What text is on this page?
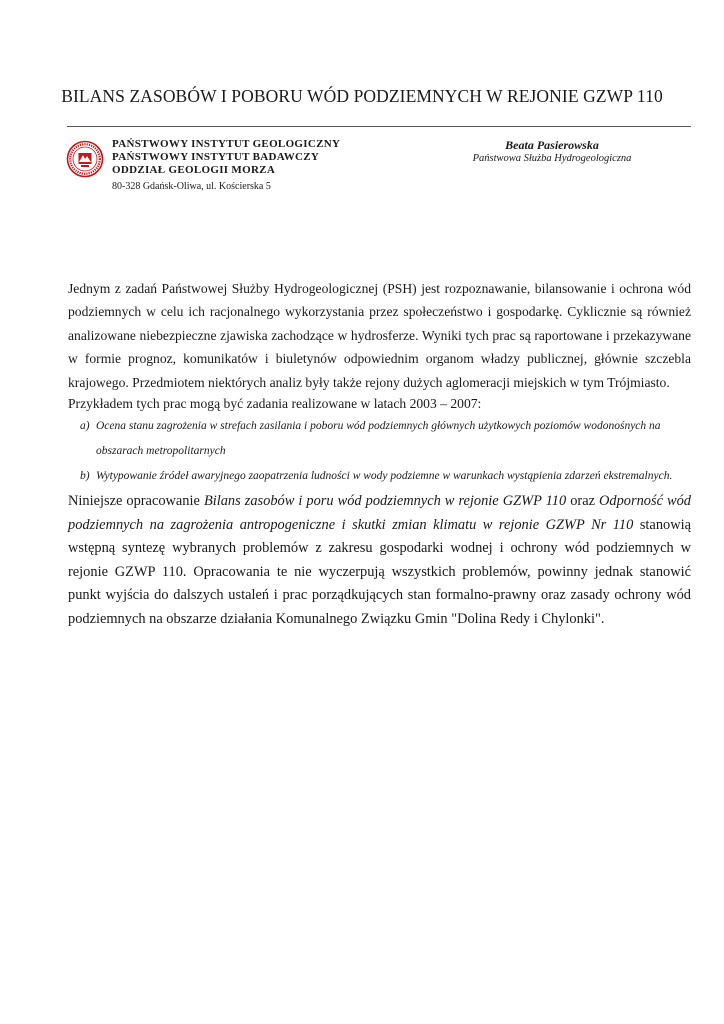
BILANS ZASOBÓW I POBORU WÓD PODZIEMNYCH W REJONIE GZWP 110
PAŃSTWOWY INSTYTUT GEOLOGICZNY
PAŃSTWOWY INSTYTUT BADAWCZY
ODDZIAŁ GEOLOGII MORZA
80-328 Gdańsk-Oliwa, ul. Kościerska 5
Beata Pasierowska
Państwowa Służba Hydrogeologiczna

Jednym z zadań Państwowej Służby Hydrogeologicznej (PSH) jest rozpoznawanie, bilansowanie i ochrona wód podziemnych w celu ich racjonalnego wykorzystania przez społeczeństwo i gospodarkę. Cyklicznie są również analizowane niebezpieczne zjawiska zachodzące w hydrosferze. Wyniki tych prac są raportowane i przekazywane w formie prognoz, komunikatów i biuletynów odpowiednim organom władzy publicznej, głównie szczebla krajowego. Przedmiotem niektórych analiz były także rejony dużych aglomeracji miejskich w tym Trójmiasto.

Przykładem tych prac mogą być zadania realizowane w latach 2003 – 2007:

a) Ocena stanu zagrożenia w strefach zasilania i poboru wód podziemnych głównych użytkowych poziomów wodonośnych na obszarach metropolitarnych
b) Wytypowanie źródeł awaryjnego zaopatrzenia ludności w wody podziemne w warunkach wystąpienia zdarzeń ekstremalnych.

Niniejsze opracowanie Bilans zasobów i poru wód podziemnych w rejonie GZWP 110 oraz Odporność wód podziemnych na zagrożenia antropogeniczne i skutki zmian klimatu w rejonie GZWP Nr 110 stanowią wstępną syntezę wybranych problemów z zakresu gospodarki wodnej i ochrony wód podziemnych w rejonie GZWP 110. Opracowania te nie wyczerpują wszystkich problemów, powinny jednak stanowić punkt wyjścia do dalszych ustaleń i prac porządkujących stan formalno-prawny oraz zasady ochrony wód podziemnych na obszarze działania Komunalnego Związku Gmin "Dolina Redy i Chylonki".
